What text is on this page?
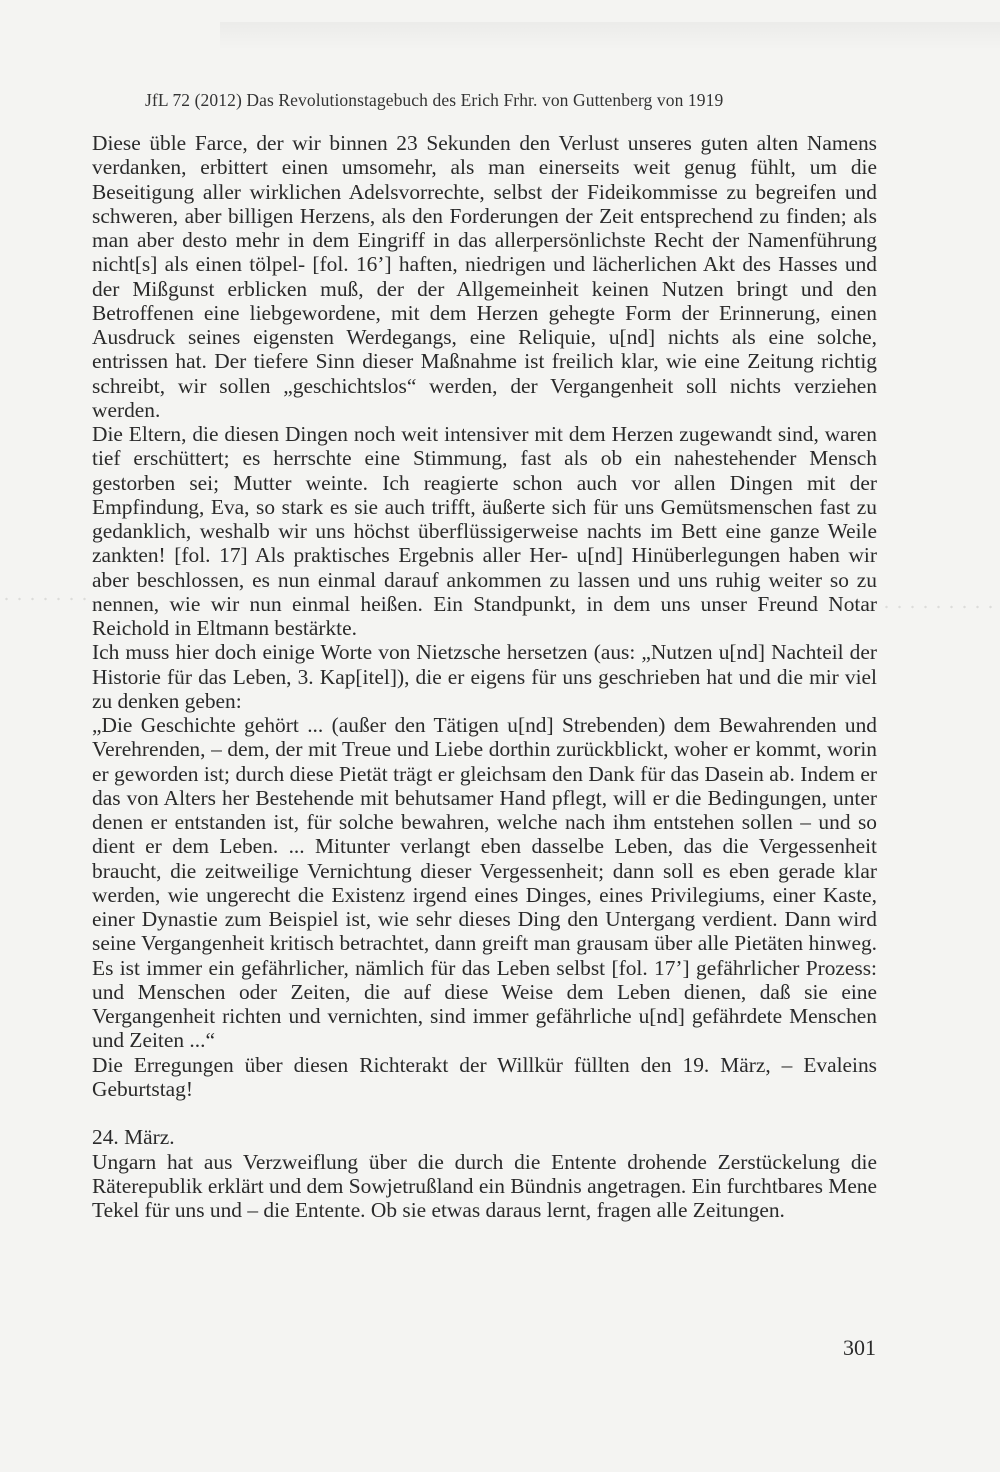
JfL 72 (2012) Das Revolutionstagebuch des Erich Frhr. von Guttenberg von 1919

Diese üble Farce, der wir binnen 23 Sekunden den Verlust unseres guten alten Namens verdanken, erbittert einen umsomehr, als man einerseits weit genug fühlt, um die Beseitigung aller wirklichen Adelsvorrechte, selbst der Fideikommisse zu begreifen und schweren, aber billigen Herzens, als den Forderungen der Zeit entsprechend zu finden; als man aber desto mehr in dem Eingriff in das allerpersönlichste Recht der Namenführung nicht[s] als einen tölpel- [fol. 16’] haften, niedrigen und lächerlichen Akt des Hasses und der Mißgunst erblicken muß, der der Allgemeinheit keinen Nutzen bringt und den Betroffenen eine liebgewordene, mit dem Herzen gehegte Form der Erinnerung, einen Ausdruck seines eigensten Werdegangs, eine Reliquie, u[nd] nichts als eine solche, entrissen hat. Der tiefere Sinn dieser Maßnahme ist freilich klar, wie eine Zeitung richtig schreibt, wir sollen „geschichtslos“ werden, der Vergangenheit soll nichts verziehen werden.

Die Eltern, die diesen Dingen noch weit intensiver mit dem Herzen zugewandt sind, waren tief erschüttert; es herrschte eine Stimmung, fast als ob ein nahestehender Mensch gestorben sei; Mutter weinte. Ich reagierte schon auch vor allen Dingen mit der Empfindung, Eva, so stark es sie auch trifft, äußerte sich für uns Gemütsmenschen fast zu gedanklich, weshalb wir uns höchst überflüssigerweise nachts im Bett eine ganze Weile zankten! [fol. 17] Als praktisches Ergebnis aller Her- u[nd] Hinüberlegungen haben wir aber beschlossen, es nun einmal darauf ankommen zu lassen und uns ruhig weiter so zu nennen, wie wir nun einmal heißen. Ein Standpunkt, in dem uns unser Freund Notar Reichold in Eltmann bestärkte.

Ich muss hier doch einige Worte von Nietzsche hersetzen (aus: „Nutzen u[nd] Nachteil der Historie für das Leben, 3. Kap[itel]), die er eigens für uns geschrieben hat und die mir viel zu denken geben:

„Die Geschichte gehört ... (außer den Tätigen u[nd] Strebenden) dem Bewahrenden und Verehrenden, – dem, der mit Treue und Liebe dorthin zurückblickt, woher er kommt, worin er geworden ist; durch diese Pietät trägt er gleichsam den Dank für das Dasein ab. Indem er das von Alters her Bestehende mit behutsamer Hand pflegt, will er die Bedingungen, unter denen er entstanden ist, für solche bewahren, welche nach ihm entstehen sollen – und so dient er dem Leben. ... Mitunter verlangt eben dasselbe Leben, das die Vergessenheit braucht, die zeitweilige Vernichtung dieser Vergessenheit; dann soll es eben gerade klar werden, wie ungerecht die Existenz irgend eines Dinges, eines Privilegiums, einer Kaste, einer Dynastie zum Beispiel ist, wie sehr dieses Ding den Untergang verdient. Dann wird seine Vergangenheit kritisch betrachtet, dann greift man grausam über alle Pietäten hinweg. Es ist immer ein gefährlicher, nämlich für das Leben selbst [fol. 17’] gefährlicher Prozess: und Menschen oder Zeiten, die auf diese Weise dem Leben dienen, daß sie eine Vergangenheit richten und vernichten, sind immer gefährliche u[nd] gefährdete Menschen und Zeiten ...“

Die Erregungen über diesen Richterakt der Willkür füllten den 19. März, – Evaleins Geburtstag!

24. März.

Ungarn hat aus Verzweiflung über die durch die Entente drohende Zerstückelung die Räterepublik erklärt und dem Sowjetrußland ein Bündnis angetragen. Ein furchtbares Mene Tekel für uns und – die Entente. Ob sie etwas daraus lernt, fragen alle Zeitungen.

301
